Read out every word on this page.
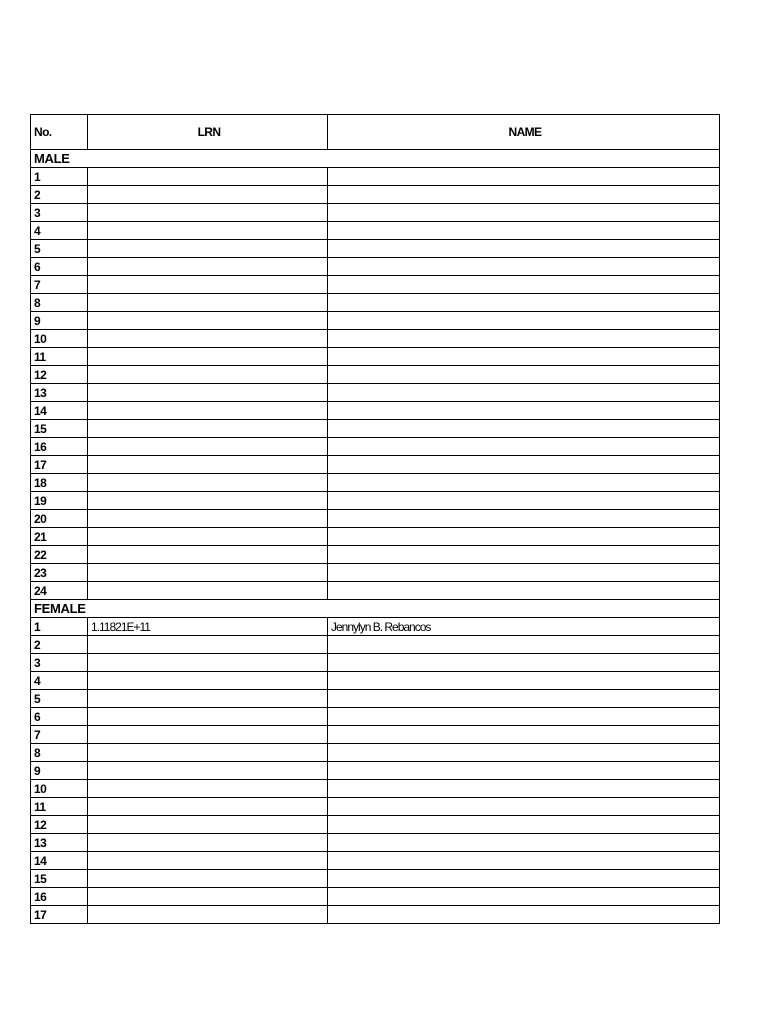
No.	LRN	NAME
MALE		
1		
2		
3		
4		
5		
6		
7		
8		
9		
10		
11		
12		
13		
14		
15		
16		
17		
18		
19		
20		
21		
22		
23		
24		
FEMALE		
1	1.11821E+11	Jennylyn B. Rebancos
2		
3		
4		
5		
6		
7		
8		
9		
10		
11		
12		
13		
14		
15		
16		
17		
